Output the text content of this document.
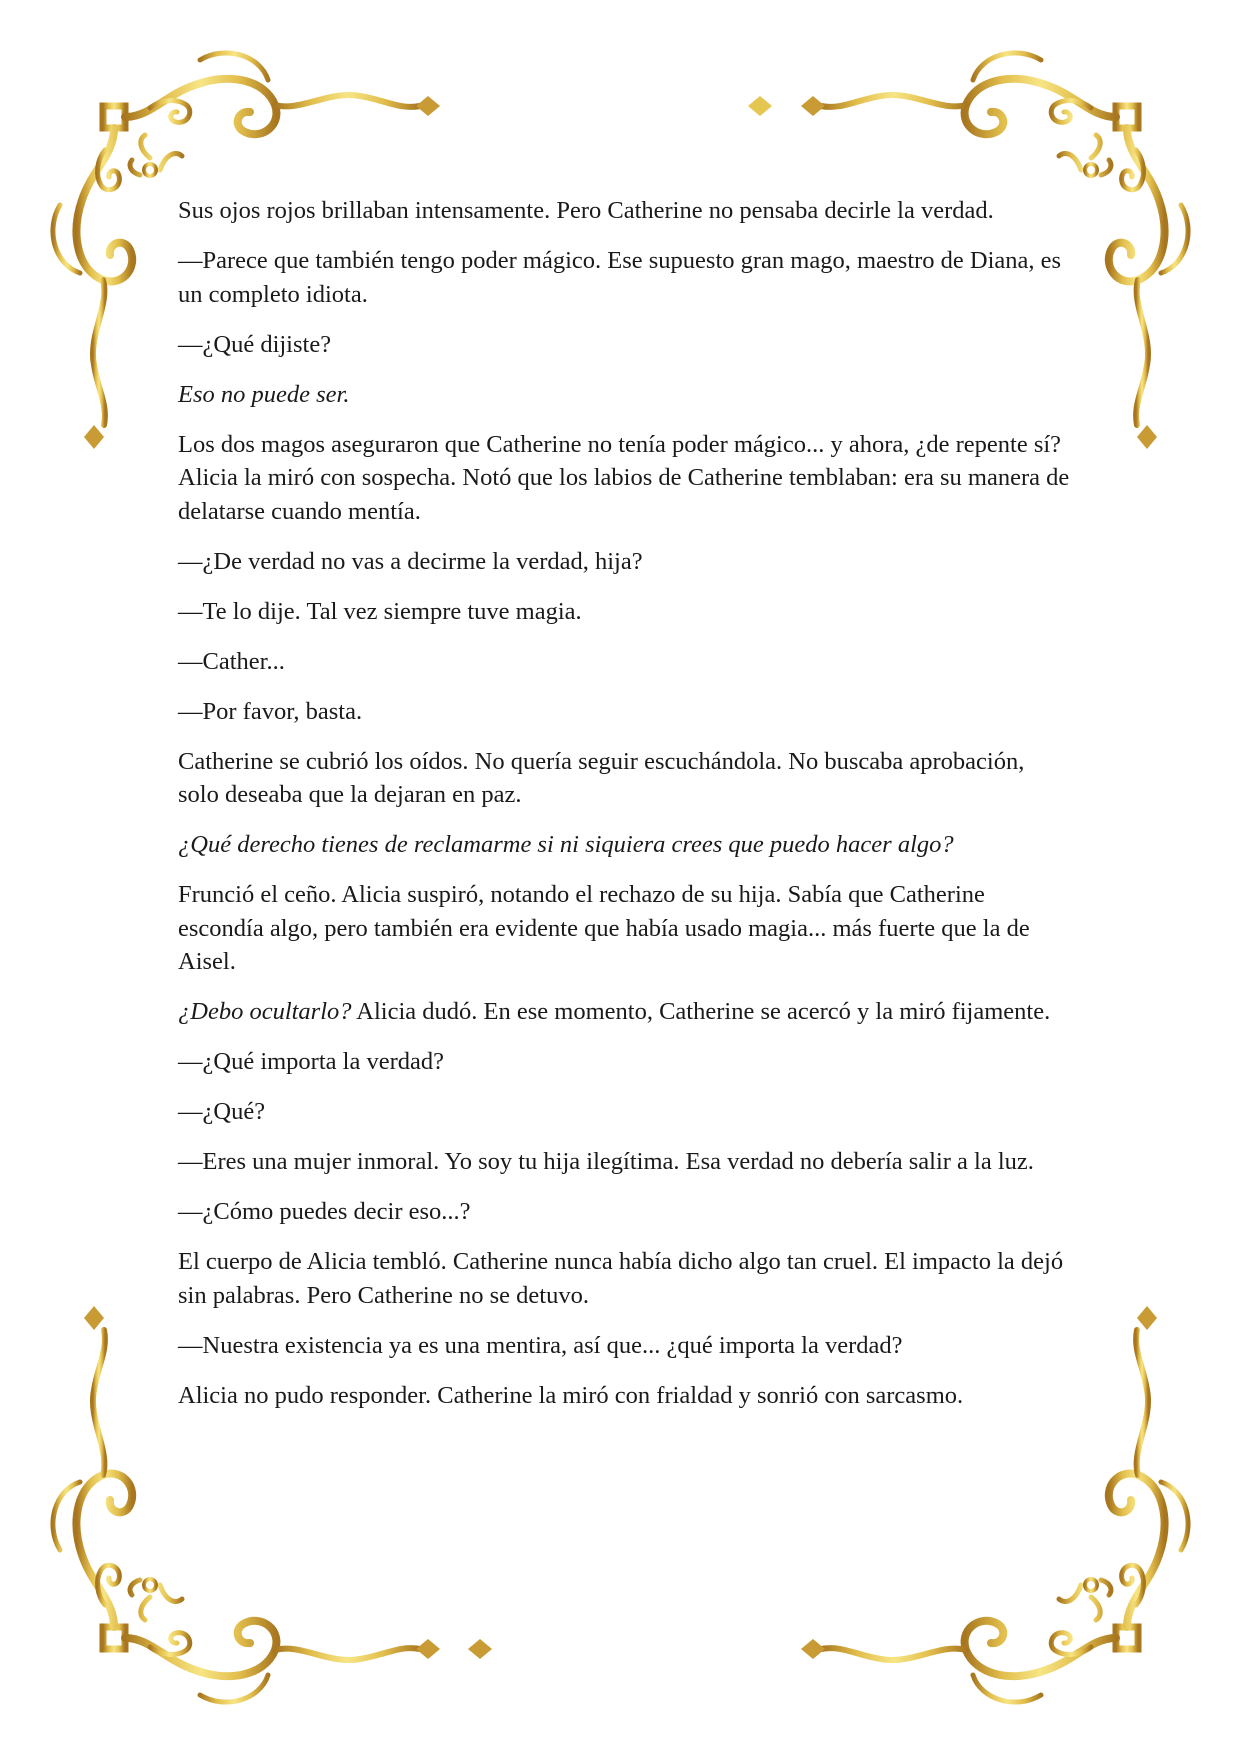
Sus ojos rojos brillaban intensamente. Pero Catherine no pensaba decirle la verdad.

—Parece que también tengo poder mágico. Ese supuesto gran mago, maestro de Diana, es un completo idiota.

—¿Qué dijiste?

Eso no puede ser.

Los dos magos aseguraron que Catherine no tenía poder mágico... y ahora, ¿de repente sí? Alicia la miró con sospecha. Notó que los labios de Catherine temblaban: era su manera de delatarse cuando mentía.

—¿De verdad no vas a decirme la verdad, hija?

—Te lo dije. Tal vez siempre tuve magia.

—Cather...

—Por favor, basta.

Catherine se cubrió los oídos. No quería seguir escuchándola. No buscaba aprobación, solo deseaba que la dejaran en paz.

¿Qué derecho tienes de reclamarme si ni siquiera crees que puedo hacer algo?

Frunció el ceño. Alicia suspiró, notando el rechazo de su hija. Sabía que Catherine escondía algo, pero también era evidente que había usado magia... más fuerte que la de Aisel.

¿Debo ocultarlo? Alicia dudó. En ese momento, Catherine se acercó y la miró fijamente.

—¿Qué importa la verdad?

—¿Qué?

—Eres una mujer inmoral. Yo soy tu hija ilegítima. Esa verdad no debería salir a la luz.

—¿Cómo puedes decir eso...?

El cuerpo de Alicia tembló. Catherine nunca había dicho algo tan cruel. El impacto la dejó sin palabras. Pero Catherine no se detuvo.

—Nuestra existencia ya es una mentira, así que... ¿qué importa la verdad?

Alicia no pudo responder. Catherine la miró con frialdad y sonrió con sarcasmo.
